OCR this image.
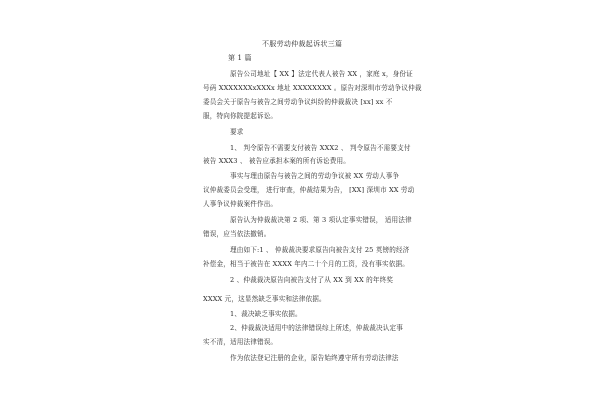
不服劳动仲裁起诉状三篇
第 1 篇
原告公司地址【 XX 】法定代表人被告 XX ，家庭 x，身份证
号码 XXXXXXXxXXXx 地址 XXXXXXXX 。原告对深圳市劳动争议仲裁
委员会关于原告与被告之间劳动争议纠纷的仲裁裁决 [xx] xx 不
服，特向你院提起诉讼。
要求
1、 判令原告不需要支付被告 XXX2 、 判令原告不需要支付
被告 XXX3 、 被告应承担本案的所有诉讼费用。
事实与理由原告与被告之间的劳动争议被 XX 劳动人事争
议仲裁委员会受理， 进行审查，仲裁结果为告， [XX] 深圳市 XX 劳动
人事争议仲裁案件作出。
原告认为仲裁裁决第 2 项、第 3 项认定事实错误， 适用法律
错误，应当依法撤销。
理由如下:1 、 仲裁裁决要求原告向被告支付 25 英镑的经济
补偿金，相当于被告在 XXXX 年内二十个月的工资，没有事实依据。
2 、仲裁裁决原告向被告支付了从 XX 到 XX 的年终奖
XXXX 元，这显然缺乏事实和法律依据。
1、裁决缺乏事实依据。
2、仲裁裁决适用中的法律错误综上所述，仲裁裁决认定事
实不清，适用法律错误。
作为依法登记注册的企业，原告始终遵守所有劳动法律法
